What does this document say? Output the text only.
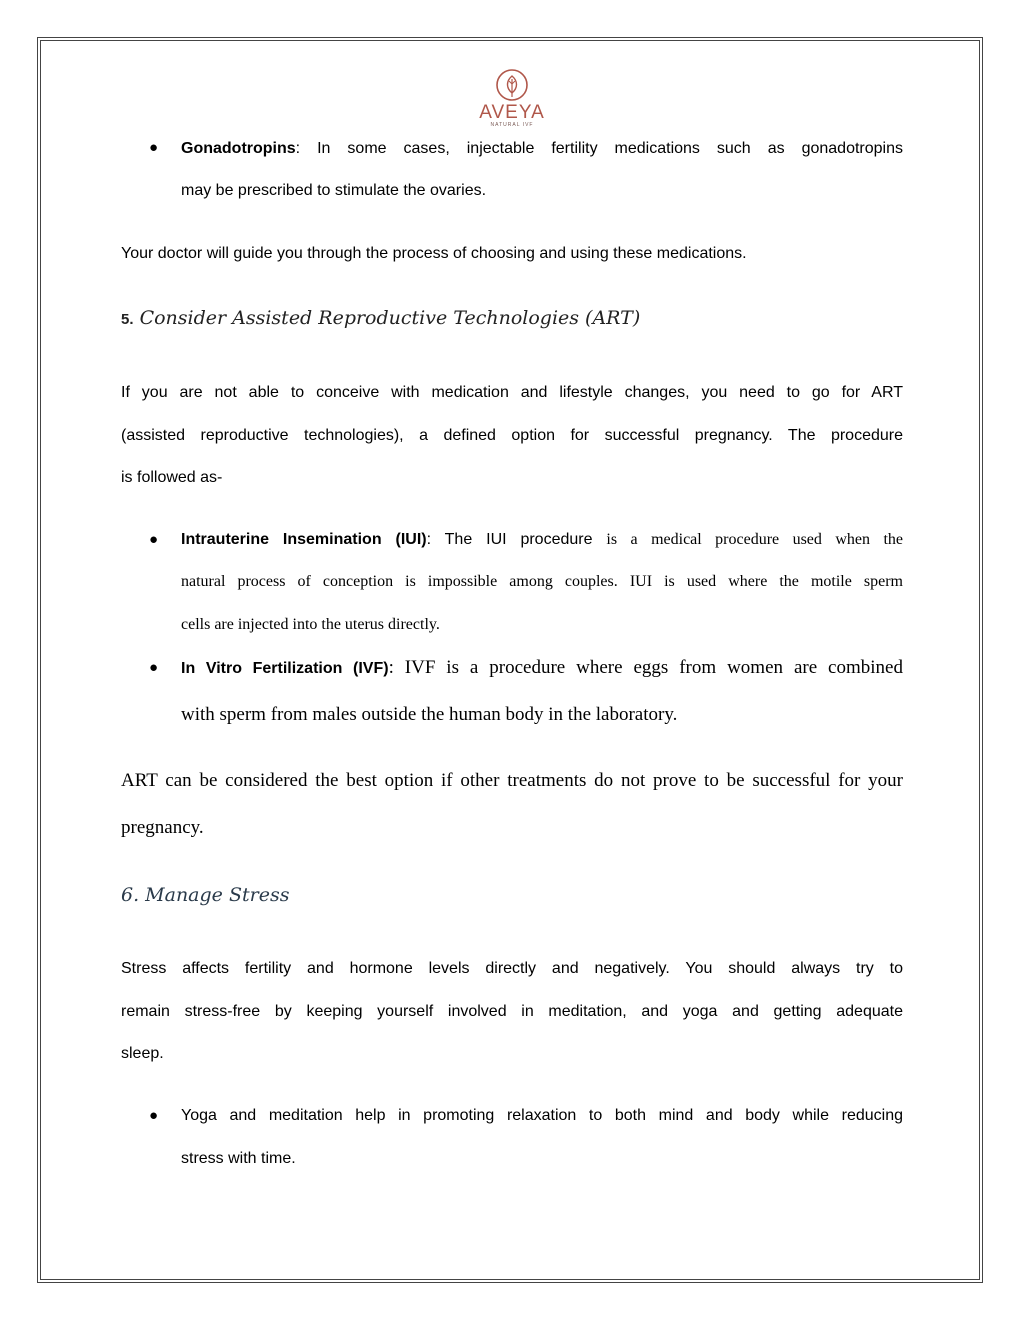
AVEYA
NATURAL IVF
● Gonadotropins: In some cases, injectable fertility medications such as gonadotropins
may be prescribed to stimulate the ovaries.
Your doctor will guide you through the process of choosing and using these medications.
5. Consider Assisted Reproductive Technologies (ART)
If you are not able to conceive with medication and lifestyle changes, you need to go for ART
(assisted reproductive technologies), a defined option for successful pregnancy. The procedure
is followed as-
● Intrauterine Insemination (IUI): The IUI procedure is a medical procedure used when the
natural process of conception is impossible among couples. IUI is used where the motile sperm
cells are injected into the uterus directly.
● In Vitro Fertilization (IVF): IVF is a procedure where eggs from women are combined
with sperm from males outside the human body in the laboratory.
ART can be considered the best option if other treatments do not prove to be successful for your
pregnancy.
6. Manage Stress
Stress affects fertility and hormone levels directly and negatively. You should always try to
remain stress-free by keeping yourself involved in meditation, and yoga and getting adequate
sleep.
● Yoga and meditation help in promoting relaxation to both mind and body while reducing
stress with time.
